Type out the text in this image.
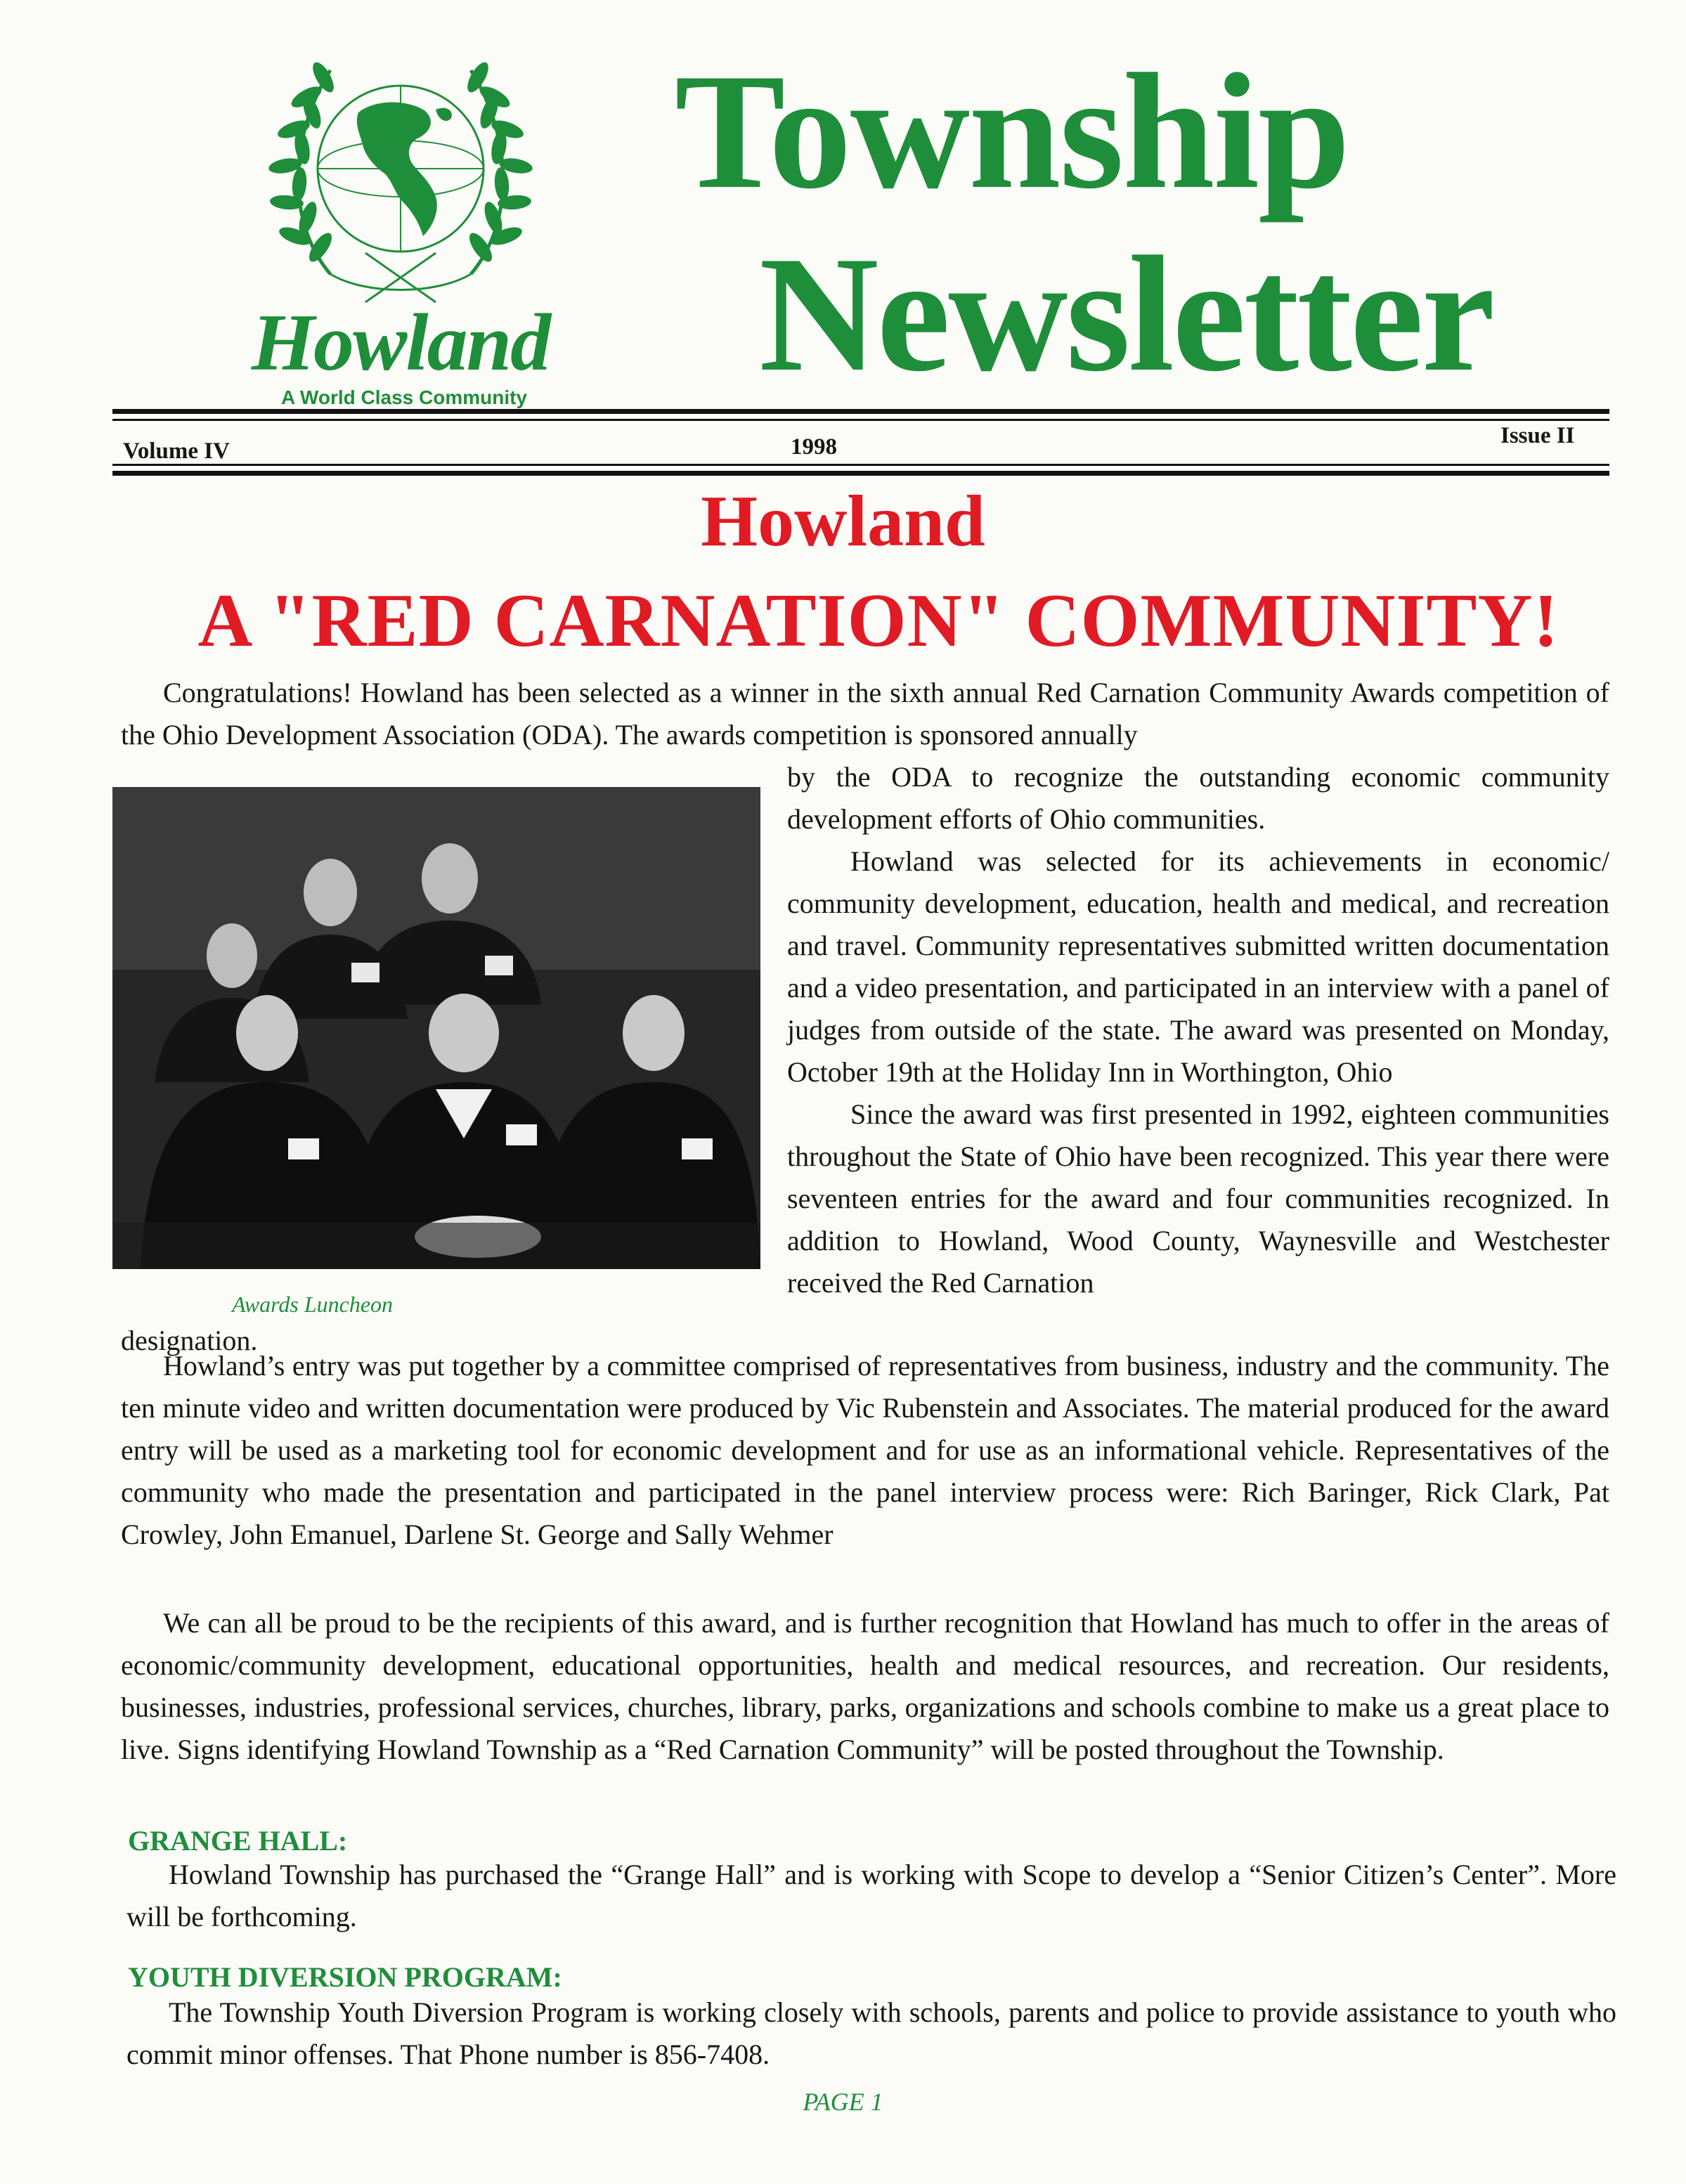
Howland

A World Class Community

Township
Newsletter

Volume IV	1998	Issue II

Howland
A "RED CARNATION" COMMUNITY!

Congratulations! Howland has been selected as a winner in the sixth annual Red Carnation Community Awards competition of the Ohio Development Association (ODA). The awards competition is sponsored annually

Awards Luncheon

by the ODA to recognize the outstanding economic community development efforts of Ohio communities.

Howland was selected for its achievements in economic/ community development, education, health and medical, and recreation and travel. Community representatives submitted written documentation and a video presentation, and participated in an interview with a panel of judges from outside of the state. The award was presented on Monday, October 19th at the Holiday Inn in Worthington, Ohio

Since the award was first presented in 1992, eighteen communities throughout the State of Ohio have been recognized. This year there were seventeen entries for the award and four communities recognized. In addition to Howland, Wood County, Waynesville and Westchester received the Red Carnation

designation.

Howland’s entry was put together by a committee comprised of representatives from business, industry and the community. The ten minute video and written documentation were produced by Vic Rubenstein and Associates. The material produced for the award entry will be used as a marketing tool for economic development and for use as an informational vehicle. Representatives of the community who made the presentation and participated in the panel interview process were: Rich Baringer, Rick Clark, Pat Crowley, John Emanuel, Darlene St. George and Sally Wehmer

We can all be proud to be the recipients of this award, and is further recognition that Howland has much to offer in the areas of economic/community development, educational opportunities, health and medical resources, and recreation. Our residents, businesses, industries, professional services, churches, library, parks, organizations and schools combine to make us a great place to live. Signs identifying Howland Township as a “Red Carnation Community” will be posted throughout the Township.

GRANGE HALL:

Howland Township has purchased the “Grange Hall” and is working with Scope to develop a “Senior Citizen’s Center”. More will be forthcoming.

YOUTH DIVERSION PROGRAM:

The Township Youth Diversion Program is working closely with schools, parents and police to provide assistance to youth who commit minor offenses. That Phone number is 856-7408.

PAGE 1
